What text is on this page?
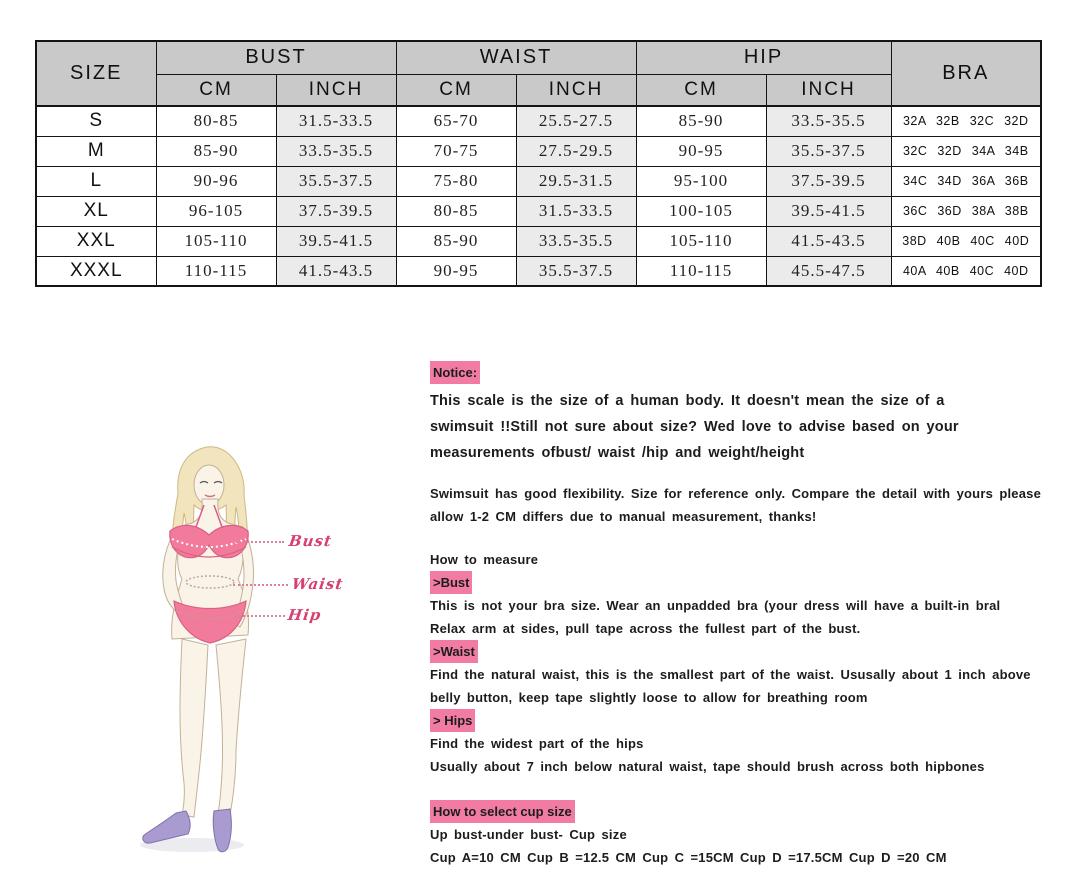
SIZE	BUST		WAIST		HIP		BRA
	CM	INCH	CM	INCH	CM	INCH	
S	80-85	31.5-33.5	65-70	25.5-27.5	85-90	33.5-35.5	32A 32B 32C 32D
M	85-90	33.5-35.5	70-75	27.5-29.5	90-95	35.5-37.5	32C 32D 34A 34B
L	90-96	35.5-37.5	75-80	29.5-31.5	95-100	37.5-39.5	34C 34D 36A 36B
XL	96-105	37.5-39.5	80-85	31.5-33.5	100-105	39.5-41.5	36C 36D 38A 38B
XXL	105-110	39.5-41.5	85-90	33.5-35.5	105-110	41.5-43.5	38D 40B 40C 40D
XXXL	110-115	41.5-43.5	90-95	35.5-37.5	110-115	45.5-47.5	40A 40B 40C 40D
Bust
Waist
Hip
Notice:
This scale is the size of a human body. It doesn't mean the size of a
swimsuit !!Still not sure about size? Wed love to advise based on your
measurements ofbust/ waist /hip and weight/height
Swimsuit has good flexibility. Size for reference only. Compare the detail with yours please
allow 1-2 CM differs due to manual measurement, thanks!
How to measure
>Bust
This is not your bra size. Wear an unpadded bra (your dress will have a built-in bral
Relax arm at sides, pull tape across the fullest part of the bust.
>Waist
Find the natural waist, this is the smallest part of the waist. Ususally about 1 inch above
belly button, keep tape slightly loose to allow for breathing room
> Hips
Find the widest part of the hips
Usually about 7 inch below natural waist, tape should brush across both hipbones
How to select cup size
Up bust-under bust- Cup size
Cup A=10 CM Cup B =12.5 CM Cup C =15CM Cup D =17.5CM Cup D =20 CM
